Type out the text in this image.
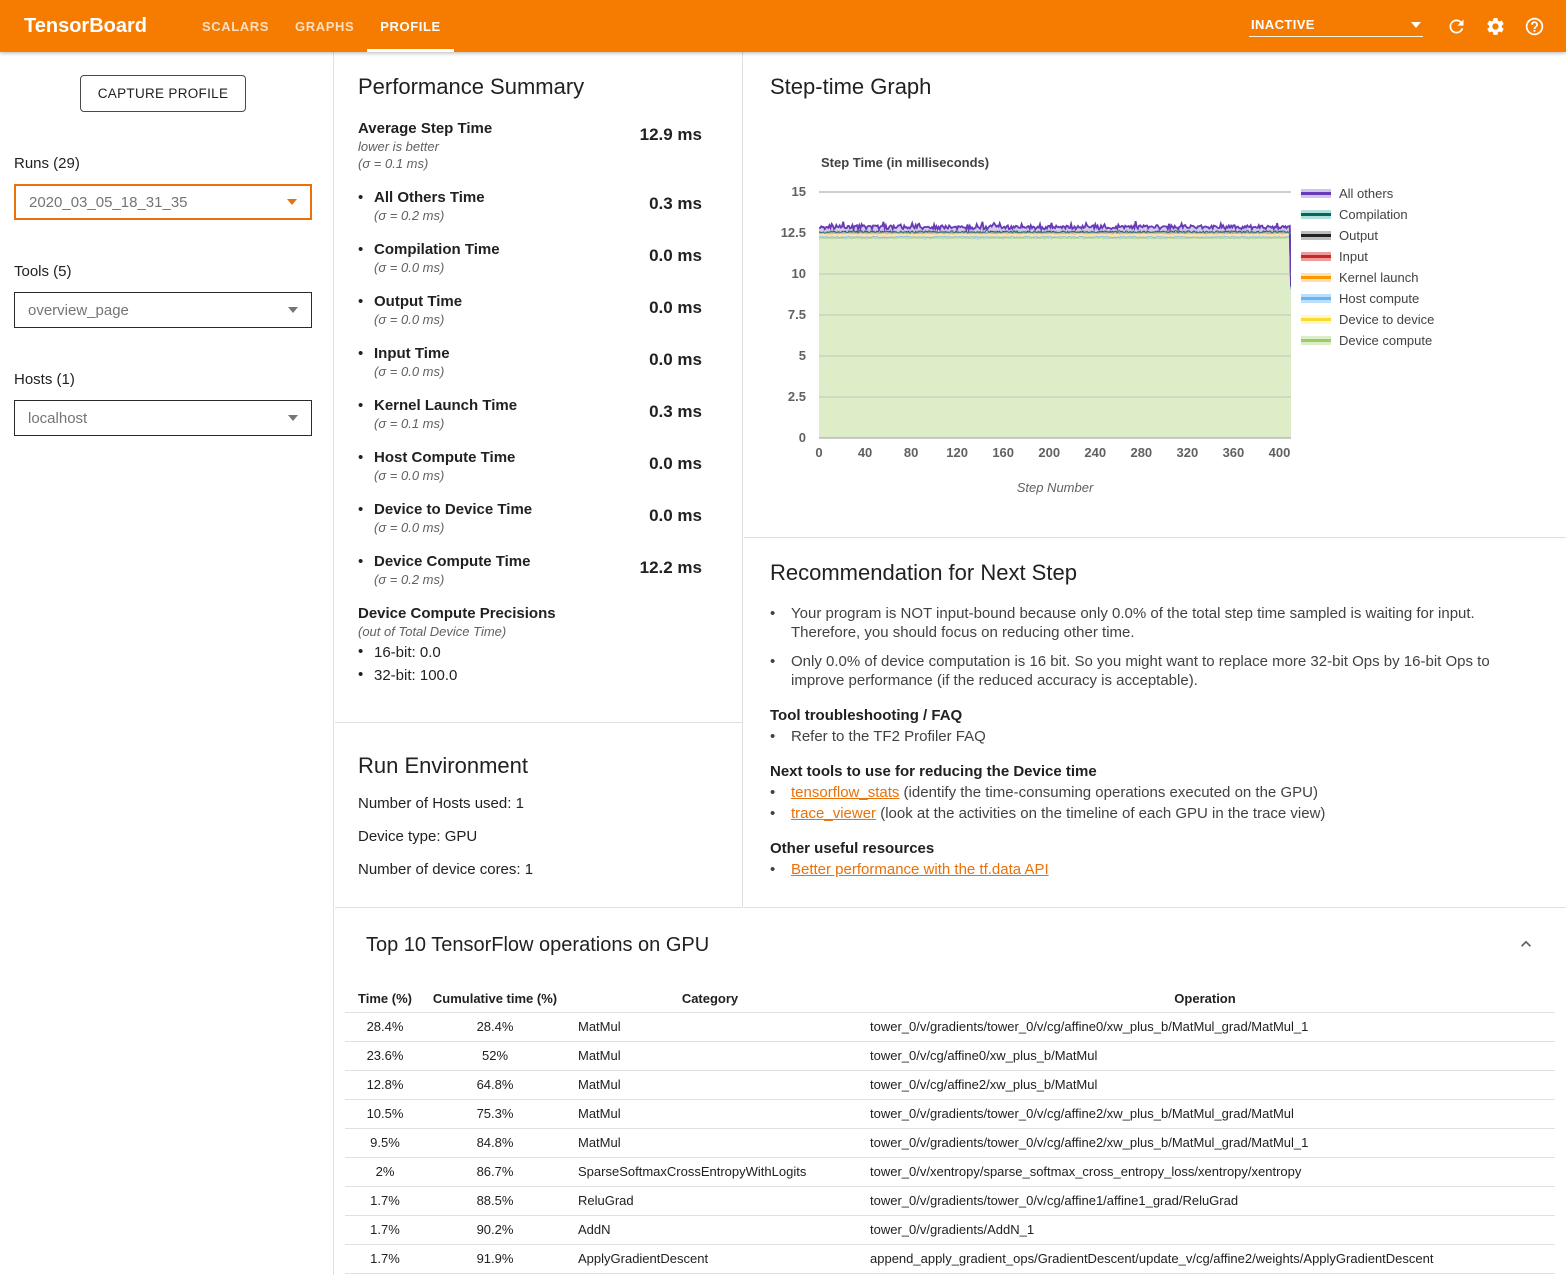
TensorBoard	SCALARS	GRAPHS	PROFILE	INACTIVE
CAPTURE PROFILE
Runs (29)
2020_03_05_18_31_35
Tools (5)
overview_page
Hosts (1)
localhost
Performance Summary
Average Step Time
lower is better
(σ = 0.1 ms)
12.9 ms
• All Others Time
(σ = 0.2 ms)
0.3 ms
• Compilation Time
(σ = 0.0 ms)
0.0 ms
• Output Time
(σ = 0.0 ms)
0.0 ms
• Input Time
(σ = 0.0 ms)
0.0 ms
• Kernel Launch Time
(σ = 0.1 ms)
0.3 ms
• Host Compute Time
(σ = 0.0 ms)
0.0 ms
• Device to Device Time
(σ = 0.0 ms)
0.0 ms
• Device Compute Time
(σ = 0.2 ms)
12.2 ms
Device Compute Precisions
(out of Total Device Time)
• 16-bit: 0.0
• 32-bit: 100.0
Run Environment
Number of Hosts used: 1
Device type: GPU
Number of device cores: 1
Step-time Graph
Step Time (in milliseconds)
0
2.5
5
7.5
10
12.5
15
0	40	80	120	160	200	240	280	320	360	400
Step Number
All others
Compilation
Output
Input
Kernel launch
Host compute
Device to device
Device compute
Recommendation for Next Step
•	Your program is NOT input-bound because only 0.0% of the total step time sampled is waiting for input. Therefore, you should focus on reducing other time.
•	Only 0.0% of device computation is 16 bit. So you might want to replace more 32-bit Ops by 16-bit Ops to improve performance (if the reduced accuracy is acceptable).
Tool troubleshooting / FAQ
•	Refer to the TF2 Profiler FAQ
Next tools to use for reducing the Device time
•	tensorflow_stats (identify the time-consuming operations executed on the GPU)
•	trace_viewer (look at the activities on the timeline of each GPU in the trace view)
Other useful resources
•	Better performance with the tf.data API
Top 10 TensorFlow operations on GPU
Time (%)	Cumulative time (%)	Category	Operation
28.4%	28.4%	MatMul	tower_0/v/gradients/tower_0/v/cg/affine0/xw_plus_b/MatMul_grad/MatMul_1
23.6%	52%	MatMul	tower_0/v/cg/affine0/xw_plus_b/MatMul
12.8%	64.8%	MatMul	tower_0/v/cg/affine2/xw_plus_b/MatMul
10.5%	75.3%	MatMul	tower_0/v/gradients/tower_0/v/cg/affine2/xw_plus_b/MatMul_grad/MatMul
9.5%	84.8%	MatMul	tower_0/v/gradients/tower_0/v/cg/affine2/xw_plus_b/MatMul_grad/MatMul_1
2%	86.7%	SparseSoftmaxCrossEntropyWithLogits	tower_0/v/xentropy/sparse_softmax_cross_entropy_loss/xentropy/xentropy
1.7%	88.5%	ReluGrad	tower_0/v/gradients/tower_0/v/cg/affine1/affine1_grad/ReluGrad
1.7%	90.2%	AddN	tower_0/v/gradients/AddN_1
1.7%	91.9%	ApplyGradientDescent	append_apply_gradient_ops/GradientDescent/update_v/cg/affine2/weights/ApplyGradientDescent
